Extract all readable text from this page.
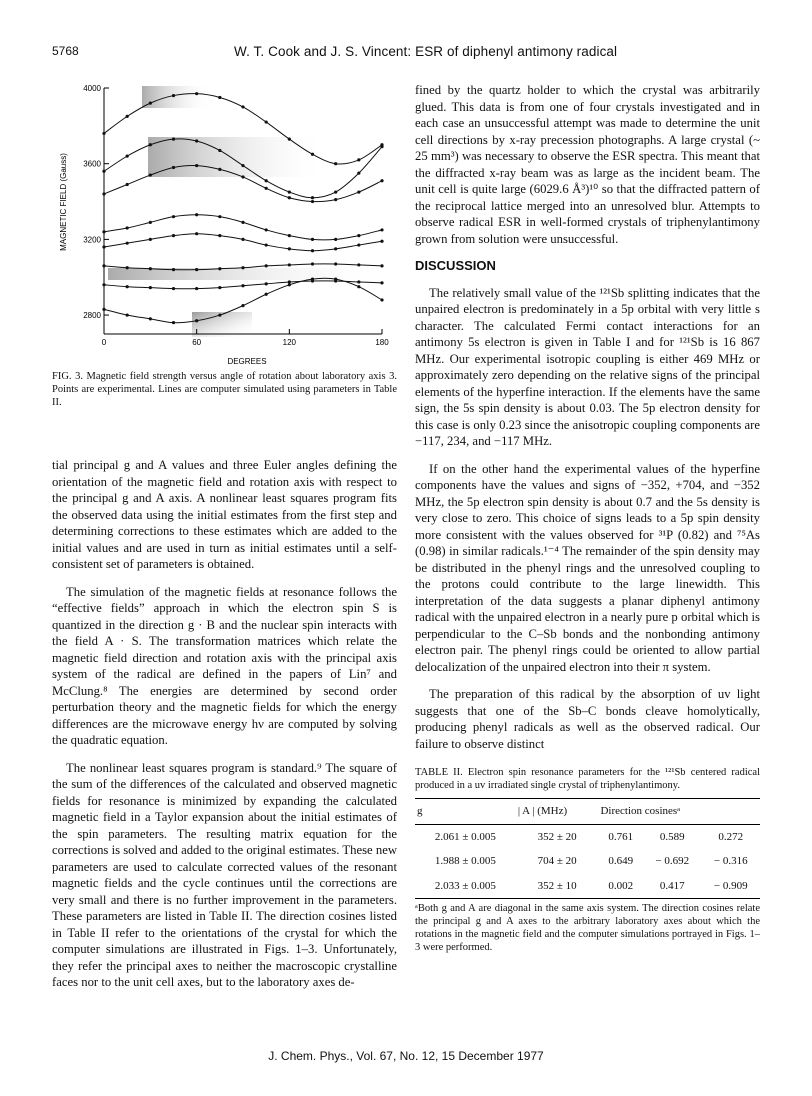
5768	W. T. Cook and J. S. Vincent: ESR of diphenyl antimony radical
2800
3200
3600
4000
0	60	120	180
MAGNETIC FIELD (Gauss)
DEGREES
FIG. 3. Magnetic field strength versus angle of rotation about laboratory axis 3. Points are experimental. Lines are computer simulated using parameters in Table II.

tial principal g and A values and three Euler angles defining the orientation of the magnetic field and rotation axis with respect to the principal g and A axis. A nonlinear least squares program fits the observed data using the initial estimates from the first step and determining corrections to these estimates which are added to the initial values and are used in turn as initial estimates until a self-consistent set of parameters is obtained.

The simulation of the magnetic fields at resonance follows the “effective fields” approach in which the electron spin S is quantized in the direction g · B and the nuclear spin interacts with the field A · S. The transformation matrices which relate the magnetic field direction and rotation axis with the principal axis system of the radical are defined in the papers of Lin⁷ and McClung.⁸ The energies are determined by second order perturbation theory and the magnetic fields for which the energy differences are the microwave energy hν are computed by solving the quadratic equation.

The nonlinear least squares program is standard.⁹ The square of the sum of the differences of the calculated and observed magnetic fields for resonance is minimized by expanding the calculated magnetic field in a Taylor expansion about the initial estimates of the spin parameters. The resulting matrix equation for the corrections is solved and added to the original estimates. These new parameters are used to calculate corrected values of the resonant magnetic fields and the cycle continues until the corrections are very small and there is no further improvement in the parameters. These parameters are listed in Table II. The direction cosines listed in Table II refer to the orientations of the crystal for which the computer simulations are illustrated in Figs. 1–3. Unfortunately, they refer the principal axes to neither the macroscopic crystalline faces nor to the unit cell axes, but to the laboratory axes de-

fined by the quartz holder to which the crystal was arbitrarily glued. This data is from one of four crystals investigated and in each case an unsuccessful attempt was made to determine the unit cell directions by x-ray precession photographs. A large crystal (~ 25 mm³) was necessary to observe the ESR spectra. This meant that the diffracted x-ray beam was as large as the incident beam. The unit cell is quite large (6029.6 Å³)¹⁰ so that the diffracted pattern of the reciprocal lattice merged into an unresolved blur. Attempts to observe radical ESR in well-formed crystals of triphenylantimony grown from solution were unsuccessful.

DISCUSSION

The relatively small value of the ¹²¹Sb splitting indicates that the unpaired electron is predominately in a 5p orbital with very little s character. The calculated Fermi contact interactions for an antimony 5s electron is given in Table I and for ¹²¹Sb is 16 867 MHz. Our experimental isotropic coupling is either 469 MHz or approximately zero depending on the relative signs of the principal elements of the hyperfine interaction. If the elements have the same sign, the 5s spin density is about 0.03. The 5p electron density for this case is only 0.23 since the anisotropic coupling components are −117, 234, and −117 MHz.

If on the other hand the experimental values of the hyperfine components have the values and signs of −352, +704, and −352 MHz, the 5p electron spin density is about 0.7 and the 5s density is very close to zero. This choice of signs leads to a 5p spin density more consistent with the values observed for ³¹P (0.82) and ⁷⁵As (0.98) in similar radicals.¹⁻⁴ The remainder of the spin density may be distributed in the phenyl rings and the unresolved coupling to the protons could contribute to the large linewidth. This interpretation of the data suggests a planar diphenyl antimony radical with the unpaired electron in a nearly pure p orbital which is perpendicular to the C–Sb bonds and the nonbonding antimony electron pair. The phenyl rings could be oriented to allow partial delocalization of the unpaired electron into their π system.

The preparation of this radical by the absorption of uv light suggests that one of the Sb–C bonds cleave homolytically, producing phenyl radicals as well as the observed radical. Our failure to observe distinct

TABLE II. Electron spin resonance parameters for the ¹²¹Sb centered radical produced in a uv irradiated single crystal of triphenylantimony.
g	| A | (MHz)	Direction cosinesᵃ		
2.061 ± 0.005	352 ± 20	0.761	0.589	0.272
1.988 ± 0.005	704 ± 20	0.649	− 0.692	− 0.316
2.033 ± 0.005	352 ± 10	0.002	0.417	− 0.909
ᵃBoth g and A are diagonal in the same axis system. The direction cosines relate the principal g and A axes to the arbitrary laboratory axes about which the rotations in the magnetic field and the computer simulations portrayed in Figs. 1–3 were performed.
J. Chem. Phys., Vol. 67, No. 12, 15 December 1977
